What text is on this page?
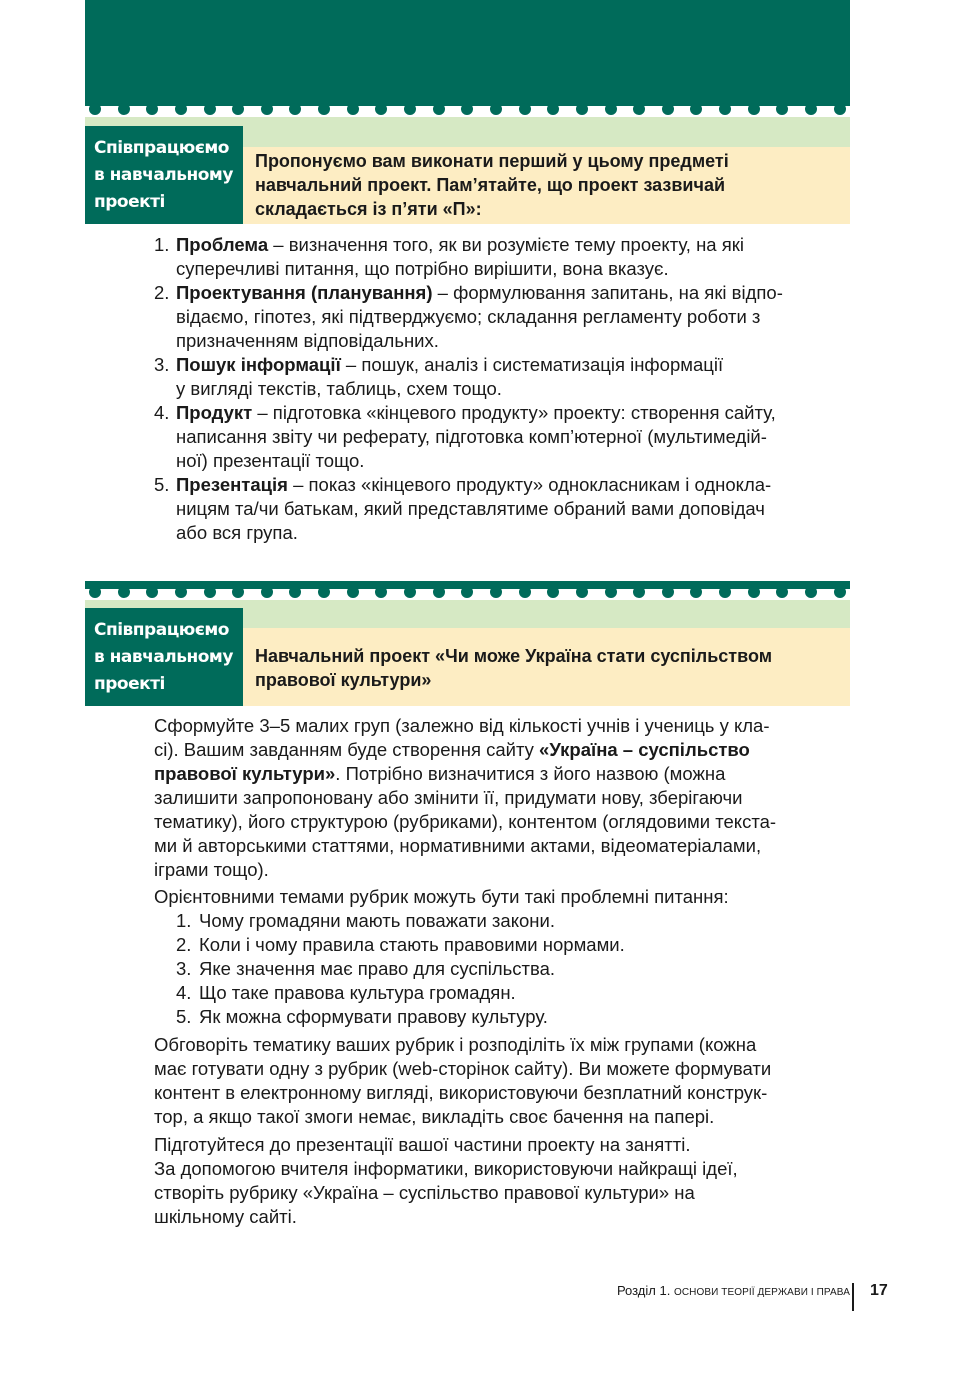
Співпрацюємо
в навчальному
проекті
Пропонуємо вам виконати перший у цьому предметі
навчальний проект. Пам’ятайте, що проект зазвичай
складається із п’яти «П»:
1. Проблема – визначення того, як ви розумієте тему проекту, на які
суперечливі питання, що потрібно вирішити, вона вказує.
2. Проектування (планування) – формулювання запитань, на які відпо-
відаємо, гіпотез, які підтверджуємо; складання регламенту роботи з
призначенням відповідальних.
3. Пошук інформації – пошук, аналіз і систематизація інформації
у вигляді текстів, таблиць, схем тощо.
4. Продукт – підготовка «кінцевого продукту» проекту: створення сайту,
написання звіту чи реферату, підготовка комп’ютерної (мультимедій-
ної) презентації тощо.
5. Презентація – показ «кінцевого продукту» однокласникам і однокла-
ницям та/чи батькам, який представлятиме обраний вами доповідач
або вся група.
Співпрацюємо
в навчальному
проекті
Навчальний проект «Чи може Україна стати суспільством
правової культури»

Сформуйте 3–5 малих груп (залежно від кількості учнів і учениць у кла-
сі). Вашим завданням буде створення сайту «Україна – суспільство
правової культури». Потрібно визначитися з його назвою (можна
залишити запропоновану або змінити її, придумати нову, зберігаючи
тематику), його структурою (рубриками), контентом (оглядовими текста-
ми й авторськими статтями, нормативними актами, відеоматеріалами,
іграми тощо).

Орієнтовними темами рубрик можуть бути такі проблемні питання:

1. Чому громадяни мають поважати закони.
2. Коли і чому правила стають правовими нормами.
3. Яке значення має право для суспільства.
4. Що таке правова культура громадян.
5. Як можна сформувати правову культуру.

Обговоріть тематику ваших рубрик і розподіліть їх між групами (кожна
має готувати одну з рубрик (web-сторінок сайту). Ви можете формувати
контент в електронному вигляді, використовуючи безплатний конструк-
тор, а якщо такої змоги немає, викладіть своє бачення на папері.

Підготуйтеся до презентації вашої частини проекту на занятті.
За допомогою вчителя інформатики, використовуючи найкращі ідеї,
створіть рубрику «Україна – суспільство правової культури» на
шкільному сайті.

Розділ 1. ОСНОВИ ТЕОРІЇ ДЕРЖАВИ І ПРАВА 17
